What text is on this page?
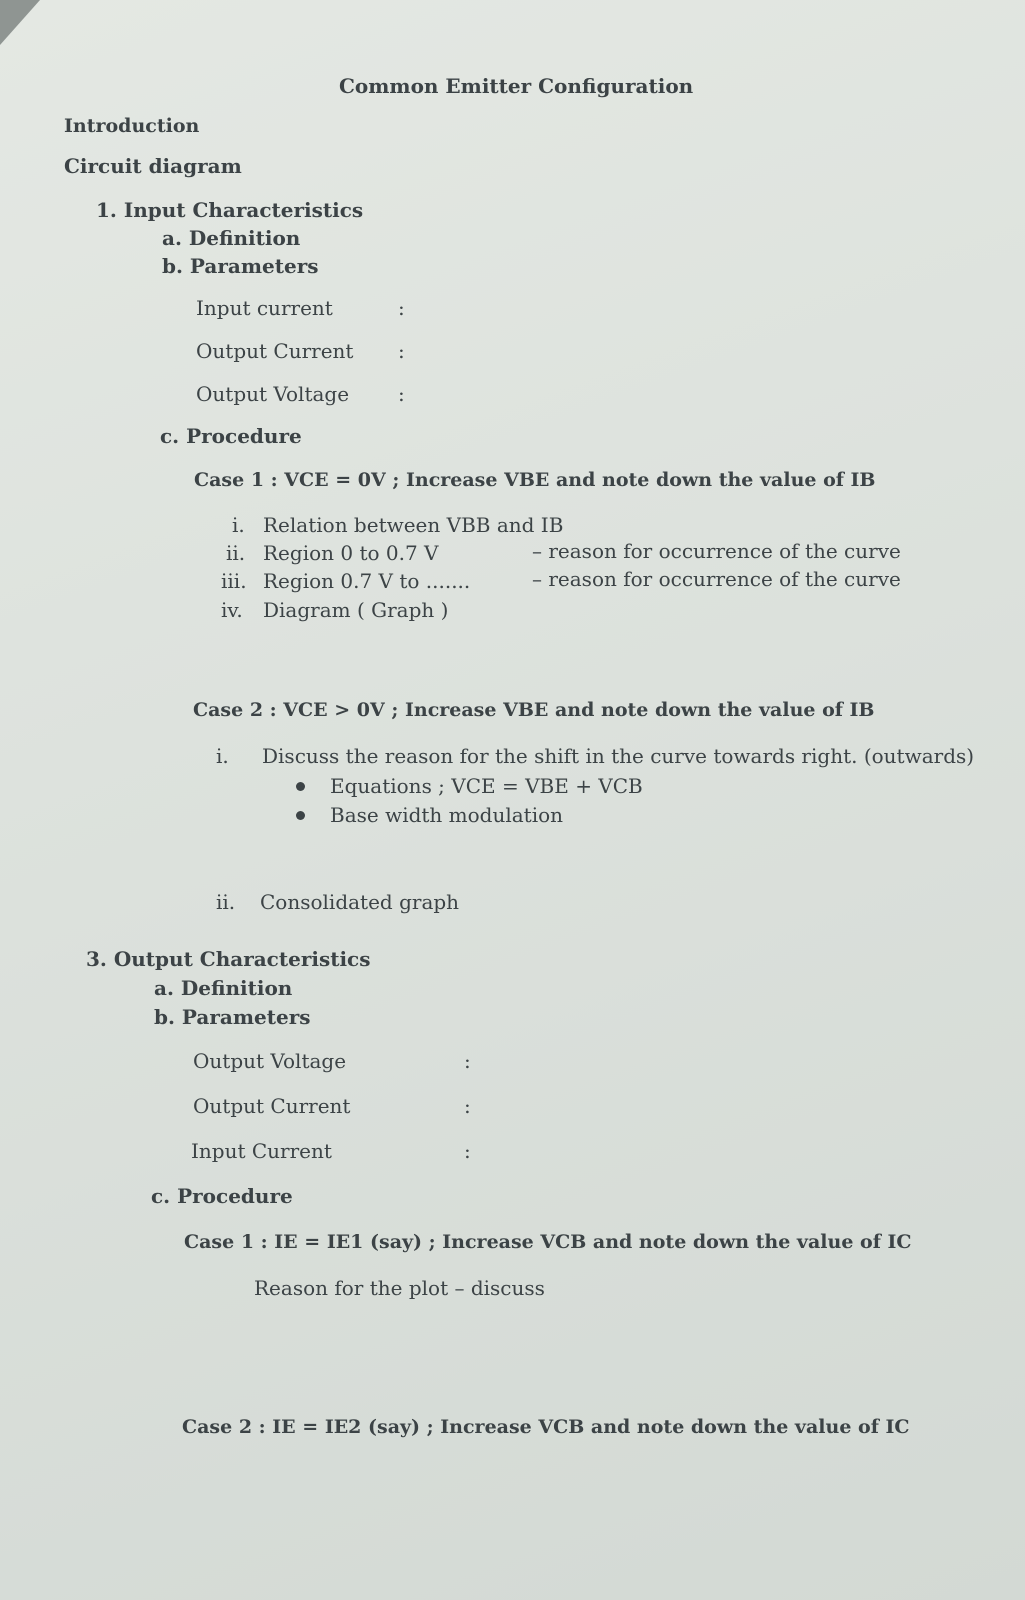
Common Emitter Configuration
Introduction
Circuit diagram
1. Input Characteristics
a. Definition
b. Parameters
Input current	:
Output Current :
Output Voltage :
c. Procedure
Case 1 : VCE = 0V ; Increase VBE and note down the value of IB
i. Relation between VBB and IB
ii. Region 0 to 0.7 V	– reason for occurrence of the curve
iii. Region 0.7 V to .......	– reason for occurrence of the curve
iv. Diagram ( Graph )
Case 2 : VCE > 0V ; Increase VBE and note down the value of IB
i. Discuss the reason for the shift in the curve towards right. (outwards)
Equations ; VCE = VBE + VCB
Base width modulation
ii. Consolidated graph
3. Output Characteristics
a. Definition
b. Parameters
Output Voltage	:
Output Current	:
Input Current	:
c. Procedure
Case 1 : IE = IE1 (say) ; Increase VCB and note down the value of IC
Reason for the plot – discuss
Case 2 : IE = IE2 (say) ; Increase VCB and note down the value of IC
